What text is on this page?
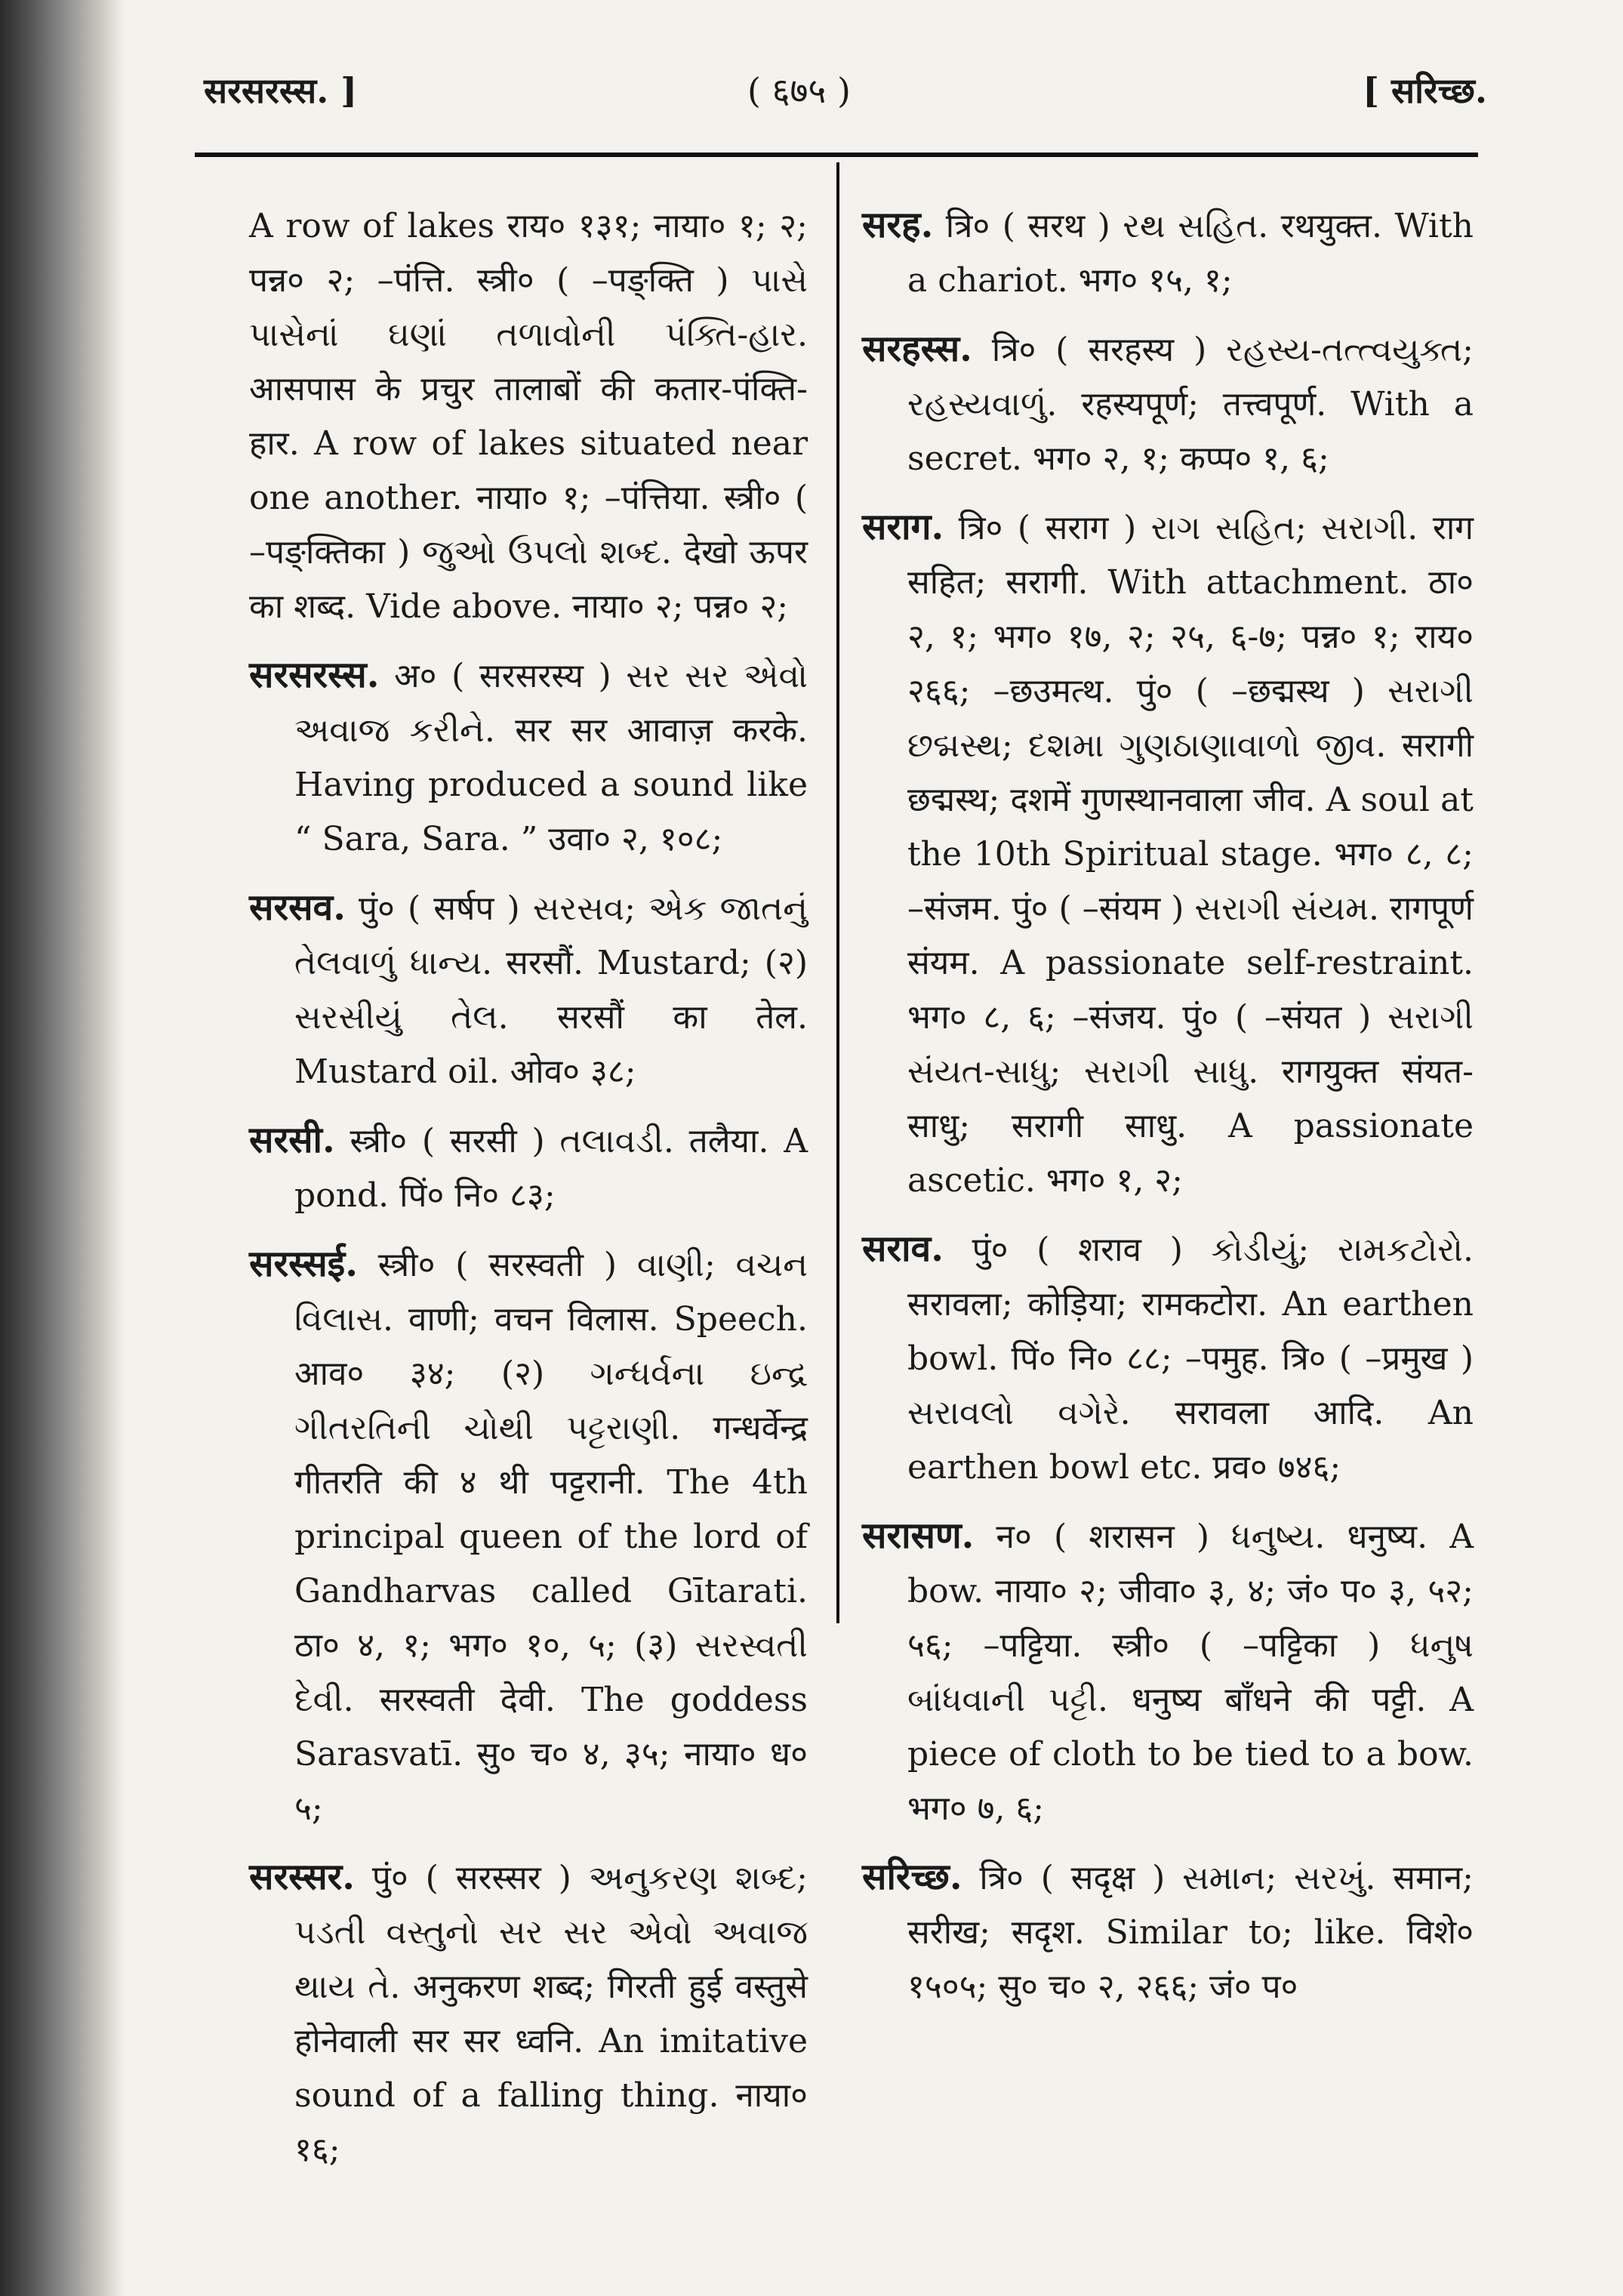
सरसरस्स. ]	( ६७५ )	[ सरिच्छ.

A row of lakes राय० १३१; नाया० १; २; पन्न० २; –पंत्ति. स्त्री० ( –पङ्क्ति ) પાસે પાસેનાં ઘણાં તળાવોની પંક્તિ-હાર. आसपास के प्रचुर तालाबों की कतार-पंक्ति-हार. A row of lakes situated near one another. नाया० १; –पंत्तिया. स्त्री० ( –पङ्क्तिका ) જુઓ ઉપલો શબ્દ. देखो ऊपर का शब्द. Vide above. नाया० २; पन्न० २;

सरसरस्स. अ० ( सरसरस्य ) સર સર એવો અવાજ કરીને. सर सर आवाज़ करके. Having produced a sound like “ Sara, Sara. ” उवा० २, १०८;

सरसव. पुं० ( सर्षप ) સરસવ; એક જાતનું તેલવાળું ધાન્ય. सरसौं. Mustard; (२) સરસીયું તેલ. सरसौं का तेल. Mustard oil. ओव० ३८;

सरसी. स्त्री० ( सरसी ) તલાવડી. तलैया. A pond. पिं० नि० ८३;

सरस्सई. स्त्री० ( सरस्वती ) વાણી; વચન વિલાસ. वाणी; वचन विलास. Speech. आव० ३४; (२) ગન્ધર્વના ઇન્દ્ર ગીતરતિની ચોથી પટ્ટરાણી. गन्धर्वेन्द्र गीतरति की ४ थी पट्टरानी. The 4th principal queen of the lord of Gandharvas called Gītarati. ठा० ४, १; भग० १०, ५; (३) સરસ્વતી દેવી. सरस्वती देवी. The goddess Sarasvatī. सु० च० ४, ३५; नाया० ध० ५;

सरस्सर. पुं० ( सरस्सर ) અનુકરણ શબ્દ; પડતી વસ્તુનો સર સર એવો અવાજ થાય તે. अनुकरण शब्द; गिरती हुई वस्तुसे होनेवाली सर सर ध्वनि. An imitative sound of a falling thing. नाया० १६;

सरह. त्रि० ( सरथ ) રથ સહિત. रथयुक्त. With a chariot. भग० १५, १;

सरहस्स. त्रि० ( सरहस्य ) રહસ્ય-તત્ત્વયુક્ત; રહસ્યવાળું. रहस्यपूर्ण; तत्त्वपूर्ण. With a secret. भग० २, १; कप्प० १, ६;

सराग. त्रि० ( सराग ) રાગ સહિત; સરાગી. राग सहित; सरागी. With attachment. ठा० २, १; भग० १७, २; २५, ६-७; पन्न० १; राय० २६६; –छउमत्थ. पुं० ( –छद्मस्थ ) સરાગી છદ્મસ્થ; દશમા ગુણઠાણાવાળો જીવ. सरागी छद्मस्थ; दशमें गुणस्थानवाला जीव. A soul at the 10th Spiritual stage. भग० ८, ८; –संजम. पुं० ( –संयम ) સરાગી સંયમ. रागपूर्ण संयम. A passionate self-restraint. भग० ८, ६; –संजय. पुं० ( –संयत ) સરાગી સંયત-સાધુ; સરાગી સાધુ. रागयुक्त संयत-साधु; सरागी साधु. A passionate ascetic. भग० १, २;

सराव. पुं० ( शराव ) કોડીયું; રામકટોરો. सरावला; कोड़िया; रामकटोरा. An earthen bowl. पिं० नि० ८८; –पमुह. त्रि० ( –प्रमुख ) સરાવલો વગેરે. सरावला आदि. An earthen bowl etc. प्रव० ७४६;

सरासण. न० ( शरासन ) ધનુષ્ય. धनुष्य. A bow. नाया० २; जीवा० ३, ४; जं० प० ३, ५२; ५६; –पट्टिया. स्त्री० ( –पट्टिका ) ધનુષ બાંધવાની પટ્ટી. धनुष्य बाँधने की पट्टी. A piece of cloth to be tied to a bow. भग० ७, ६;

सरिच्छ. त्रि० ( सदृक्ष ) સમાન; સરખું. समान; सरीख; सदृश. Similar to; like. विशे० १५०५; सु० च० २, २६६; जं० प०
